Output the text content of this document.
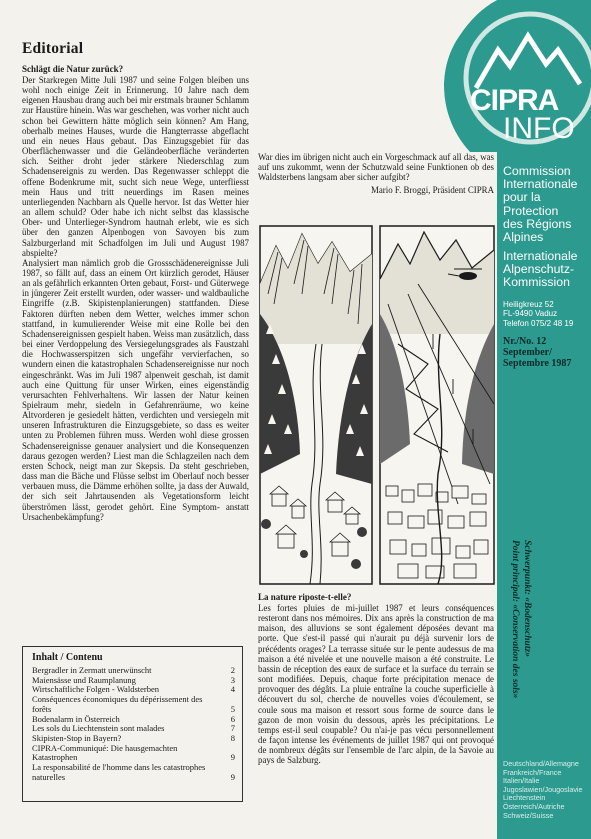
Editorial

Schlägt die Natur zurück?

Der Starkregen Mitte Juli 1987 und seine Folgen bleiben uns wohl noch einige Zeit in Erinnerung. 10 Jahre nach dem eigenen Hausbau drang auch bei mir erstmals brauner Schlamm zur Haustüre hinein. Was war geschehen, was vorher nicht auch schon bei Gewittern hätte möglich sein können? Am Hang, oberhalb meines Hauses, wurde die Hangterrasse abgeflacht und ein neues Haus gebaut. Das Einzugsgebiet für das Oberflächenwasser und die Geländeoberfläche veränderten sich. Seither droht jeder stärkere Niederschlag zum Schadensereignis zu werden. Das Regenwasser schleppt die offene Bodenkrume mit, sucht sich neue Wege, unterfliesst mein Haus und tritt neuerdings im Rasen meines unterliegenden Nachbarn als Quelle hervor. Ist das Wetter hier an allem schuld? Oder habe ich nicht selbst das klassische Ober- und Unterlieger-Syndrom hautnah erlebt, wie es sich über den ganzen Alpenbogen von Savoyen bis zum Salzburgerland mit Schadfolgen im Juli und August 1987 abspielte?

Analysiert man nämlich grob die Grossschädenereignisse Juli 1987, so fällt auf, dass an einem Ort kürzlich gerodet, Häuser an als gefährlich erkannten Orten gebaut, Forst- und Güterwege in jüngerer Zeit erstellt wurden, oder wasser- und waldbauliche Eingriffe (z.B. Skipistenplanierungen) stattfanden. Diese Faktoren dürften neben dem Wetter, welches immer schon stattfand, in kumulierender Weise mit eine Rolle bei den Schadensereignissen gespielt haben. Weiss man zusätzlich, dass bei einer Verdoppelung des Versiegelungsgrades als Faustzahl die Hochwasserspitzen sich ungefähr vervierfachen, so wundern einen die katastrophalen Schadensereignisse nur noch eingeschränkt. Was im Juli 1987 alpenweit geschah, ist damit auch eine Quittung für unser Wirken, eines eigenständig verursachten Fehlverhaltens. Wir lassen der Natur keinen Spielraum mehr, siedeln in Gefahrenräume, wo keine Altvorderen je gesiedelt hätten, verdichten und versiegeln mit unseren Infrastrukturen die Einzugsgebiete, so dass es weiter unten zu Problemen führen muss. Werden wohl diese grossen Schadensereignisse genauer analysiert und die Konsequenzen daraus gezogen werden? Liest man die Schlagzeilen nach dem ersten Schock, neigt man zur Skepsis. Da steht geschrieben, dass man die Bäche und Flüsse selbst im Oberlauf noch besser verbauen muss, die Dämme erhöhen sollte, ja dass der Auwald, der sich seit Jahrtausenden als Vegetationsform leicht überströmen lässt, gerodet gehört. Eine Symptom- anstatt Ursachenbekämpfung?

War dies im übrigen nicht auch ein Vorgeschmack auf all das, was auf uns zukommt, wenn der Schutzwald seine Funktionen ob des Waldsterbens langsam aber sicher aufgibt?

Mario F. Broggi, Präsident CIPRA

La nature riposte-t-elle?

Les fortes pluies de mi-juillet 1987 et leurs conséquences resteront dans nos mémoires. Dix ans après la construction de ma maison, des alluvions se sont également déposées devant ma porte. Que s'est-il passé qui n'aurait pu déjà survenir lors de précédents orages? La terrasse située sur le pente audessus de ma maison a été nivelée et une nouvelle maison a été construite. Le bassin de réception des eaux de surface et la surface du terrain se sont modifiées. Depuis, chaque forte précipitation menace de provoquer des dégâts. La pluie entraîne la couche superficielle à découvert du sol, cherche de nouvelles voies d'écoulement, se coule sous ma maison et ressort sous forme de source dans le gazon de mon voisin du dessous, après les précipitations. Le temps est-il seul coupable? Ou n'ai-je pas vécu personnellement de façon intense les événements de juillet 1987 qui ont provoqué de nombreux dégâts sur l'ensemble de l'arc alpin, de la Savoie au pays de Salzburg.

Inhalt / Contenu
Bergradler in Zermatt unerwünscht	2
Maiensässe und Raumplanung	3
Wirtschaftliche Folgen - Waldsterben	4
Conséquences économiques du dépérissement des forêts	5
Bodenalarm in Österreich	6
Les sols du Liechtenstein sont malades	7
Skipisten-Stop in Bayern?	8
CIPRA-Communiqué: Die hausgemachten Katastrophen	9
La responsabilité de l'homme dans les catastrophes naturelles	9
CIPRA
INFO
Commission
Internationale
pour la
Protection
des Régions
Alpines
Internationale
Alpenschutz-
Kommission
Heiligkreuz 52
FL-9490 Vaduz
Telefon 075/2 48 19
Nr./No. 12
September/
Septembre 1987
Schwerpunkt: «Bodenschutz»
Point principal: «Conservation des sols»
Deutschland/Allemagne
Frankreich/France
Italien/Italie
Jugoslawien/Jougoslavie
Liechtenstein
Österreich/Autriche
Schweiz/Suisse
